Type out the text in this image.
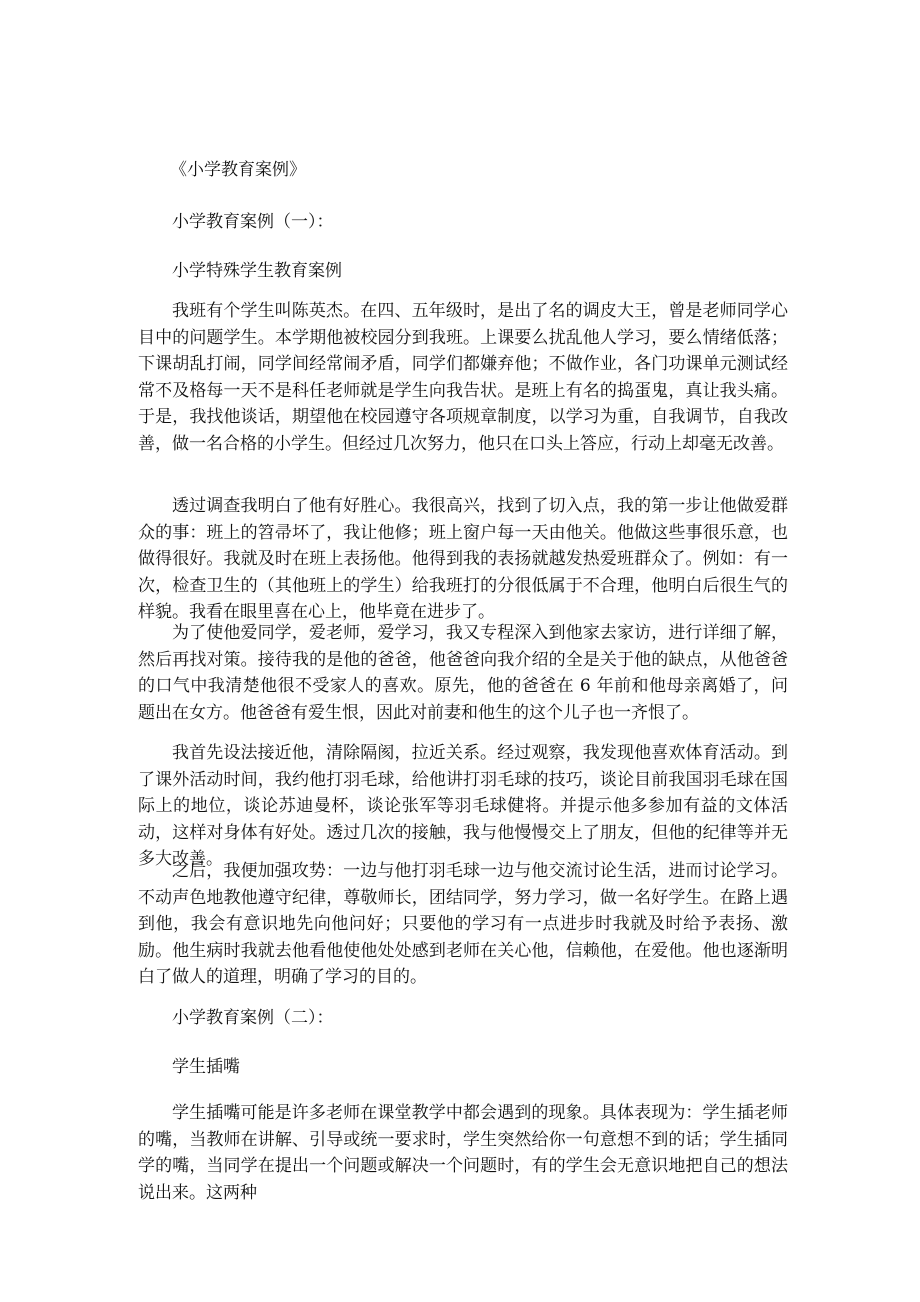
《小学教育案例》

小学教育案例（一）：

小学特殊学生教育案例

我班有个学生叫陈英杰。在四、五年级时，是出了名的调皮大王，曾是老师同学心目中的问题学生。本学期他被校园分到我班。上课要么扰乱他人学习，要么情绪低落；下课胡乱打闹，同学间经常闹矛盾，同学们都嫌弃他；不做作业，各门功课单元测试经常不及格每一天不是科任老师就是学生向我告状。是班上有名的捣蛋鬼，真让我头痛。于是，我找他谈话，期望他在校园遵守各项规章制度，以学习为重，自我调节，自我改善，做一名合格的小学生。但经过几次努力，他只在口头上答应，行动上却毫无改善。

透过调查我明白了他有好胜心。我很高兴，找到了切入点，我的第一步让他做爱群众的事：班上的笤帚坏了，我让他修；班上窗户每一天由他关。他做这些事很乐意，也做得很好。我就及时在班上表扬他。他得到我的表扬就越发热爱班群众了。例如：有一次，检查卫生的（其他班上的学生）给我班打的分很低属于不合理，他明白后很生气的样貌。我看在眼里喜在心上，他毕竟在进步了。

为了使他爱同学，爱老师，爱学习，我又专程深入到他家去家访，进行详细了解，然后再找对策。接待我的是他的爸爸，他爸爸向我介绍的全是关于他的缺点，从他爸爸的口气中我清楚他很不受家人的喜欢。原先，他的爸爸在 6 年前和他母亲离婚了，问题出在女方。他爸爸有爱生恨，因此对前妻和他生的这个儿子也一齐恨了。

我首先设法接近他，清除隔阂，拉近关系。经过观察，我发现他喜欢体育活动。到了课外活动时间，我约他打羽毛球，给他讲打羽毛球的技巧，谈论目前我国羽毛球在国际上的地位，谈论苏迪曼杯，谈论张军等羽毛球健将。并提示他多参加有益的文体活动，这样对身体有好处。透过几次的接触，我与他慢慢交上了朋友，但他的纪律等并无多大改善。

之后，我便加强攻势：一边与他打羽毛球一边与他交流讨论生活，进而讨论学习。不动声色地教他遵守纪律，尊敬师长，团结同学，努力学习，做一名好学生。在路上遇到他，我会有意识地先向他问好；只要他的学习有一点进步时我就及时给予表扬、激励。他生病时我就去他看他使他处处感到老师在关心他，信赖他，在爱他。他也逐渐明白了做人的道理，明确了学习的目的。

小学教育案例（二）：

学生插嘴

学生插嘴可能是许多老师在课堂教学中都会遇到的现象。具体表现为：学生插老师的嘴，当教师在讲解、引导或统一要求时，学生突然给你一句意想不到的话；学生插同学的嘴，当同学在提出一个问题或解决一个问题时，有的学生会无意识地把自己的想法说出来。这两种
